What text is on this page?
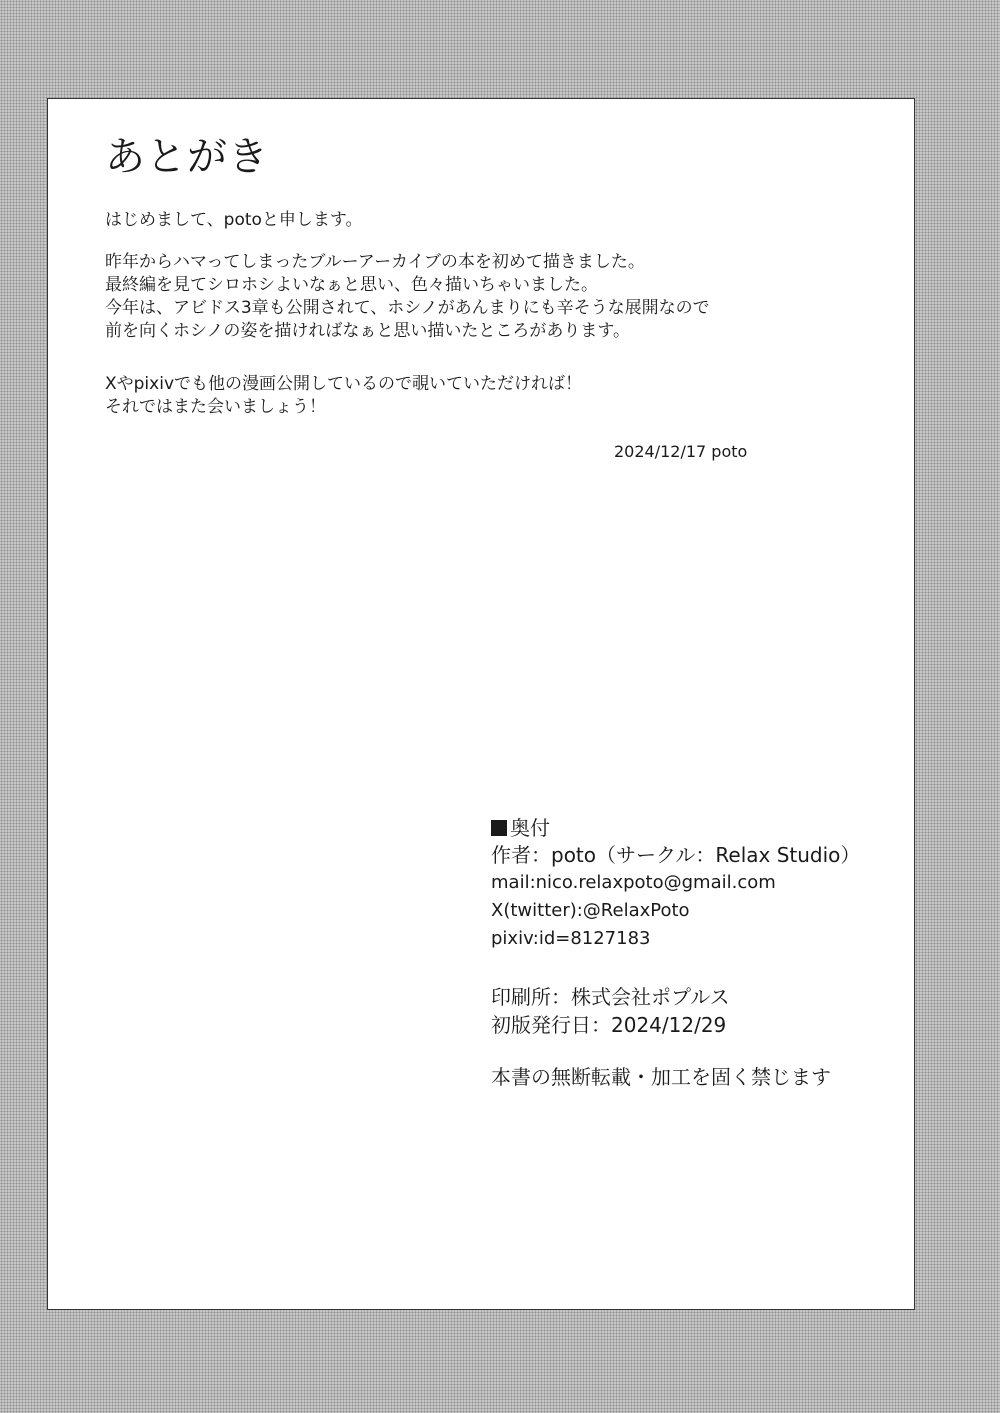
あとがき

はじめまして、potoと申します。

昨年からハマってしまったブルーアーカイブの本を初めて描きました。
最終編を見てシロホシよいなぁと思い、色々描いちゃいました。
今年は、アビドス3章も公開されて、ホシノがあんまりにも辛そうな展開なので
前を向くホシノの姿を描ければなぁと思い描いたところがあります。

Xやpixivでも他の漫画公開しているので覗いていただければ！
それではまた会いましょう！

2024/12/17 poto
奥付
作者：poto（サークル：Relax Studio）
mail:nico.relaxpoto@gmail.com
X(twitter):@RelaxPoto
pixiv:id=8127183
印刷所：株式会社ポプルス
初版発行日：2024/12/29
本書の無断転載・加工を固く禁じます
